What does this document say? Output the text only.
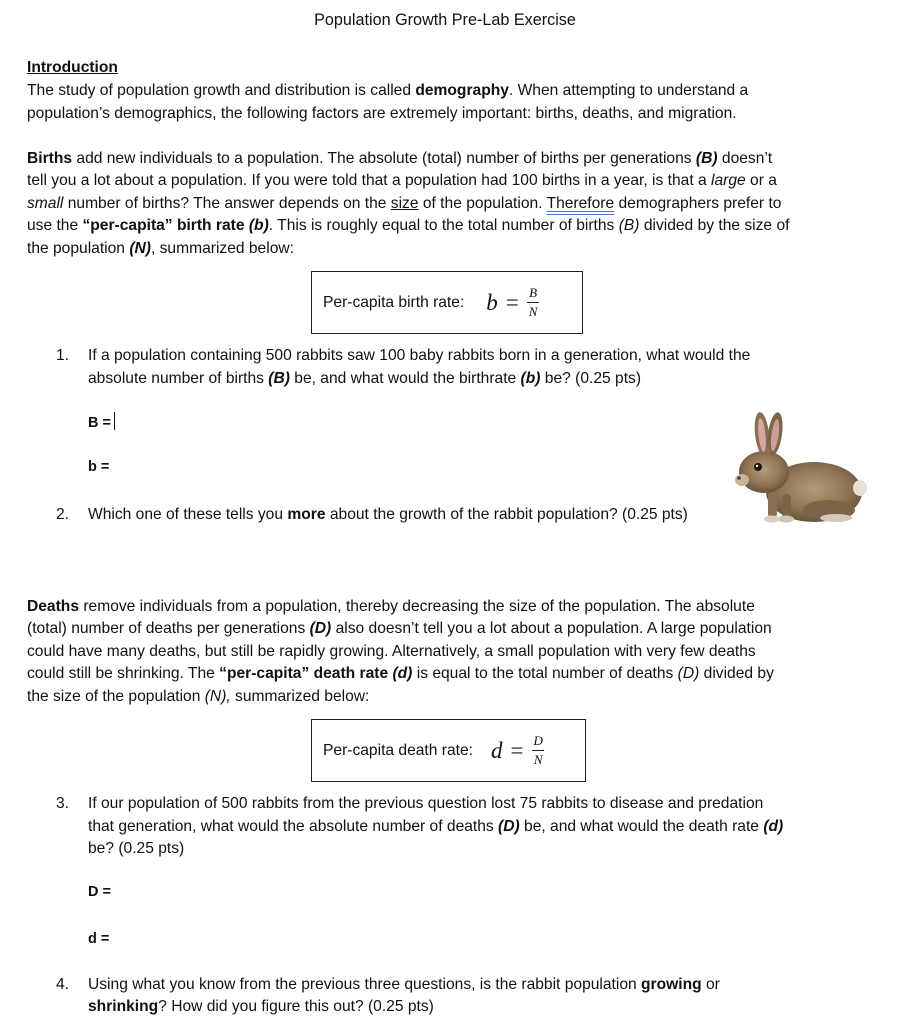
Population Growth Pre-Lab Exercise
Introduction
The study of population growth and distribution is called demography. When attempting to understand a
population’s demographics, the following factors are extremely important: births, deaths, and migration.
Births add new individuals to a population. The absolute (total) number of births per generations (B) doesn’t
tell you a lot about a population. If you were told that a population had 100 births in a year, is that a large or a
small number of births? The answer depends on the size of the population. Therefore demographers prefer to
use the “per-capita” birth rate (b). This is roughly equal to the total number of births (B) divided by the size of
the population (N), summarized below:
Per-capita birth rate: $b = \frac{B}{N}$
1. If a population containing 500 rabbits saw 100 baby rabbits born in a generation, what would the
absolute number of births (B) be, and what would the birthrate (b) be? (0.25 pts)
B =
b =
2. Which one of these tells you more about the growth of the rabbit population? (0.25 pts)
Deaths remove individuals from a population, thereby decreasing the size of the population. The absolute
(total) number of deaths per generations (D) also doesn’t tell you a lot about a population. A large population
could have many deaths, but still be rapidly growing. Alternatively, a small population with very few deaths
could still be shrinking. The “per-capita” death rate (d) is equal to the total number of deaths (D) divided by
the size of the population (N), summarized below:
Per-capita death rate: $d = \frac{D}{N}$
3. If our population of 500 rabbits from the previous question lost 75 rabbits to disease and predation
that generation, what would the absolute number of deaths (D) be, and what would the death rate (d)
be? (0.25 pts)
D =
d =
4. Using what you know from the previous three questions, is the rabbit population growing or
shrinking? How did you figure this out? (0.25 pts)
